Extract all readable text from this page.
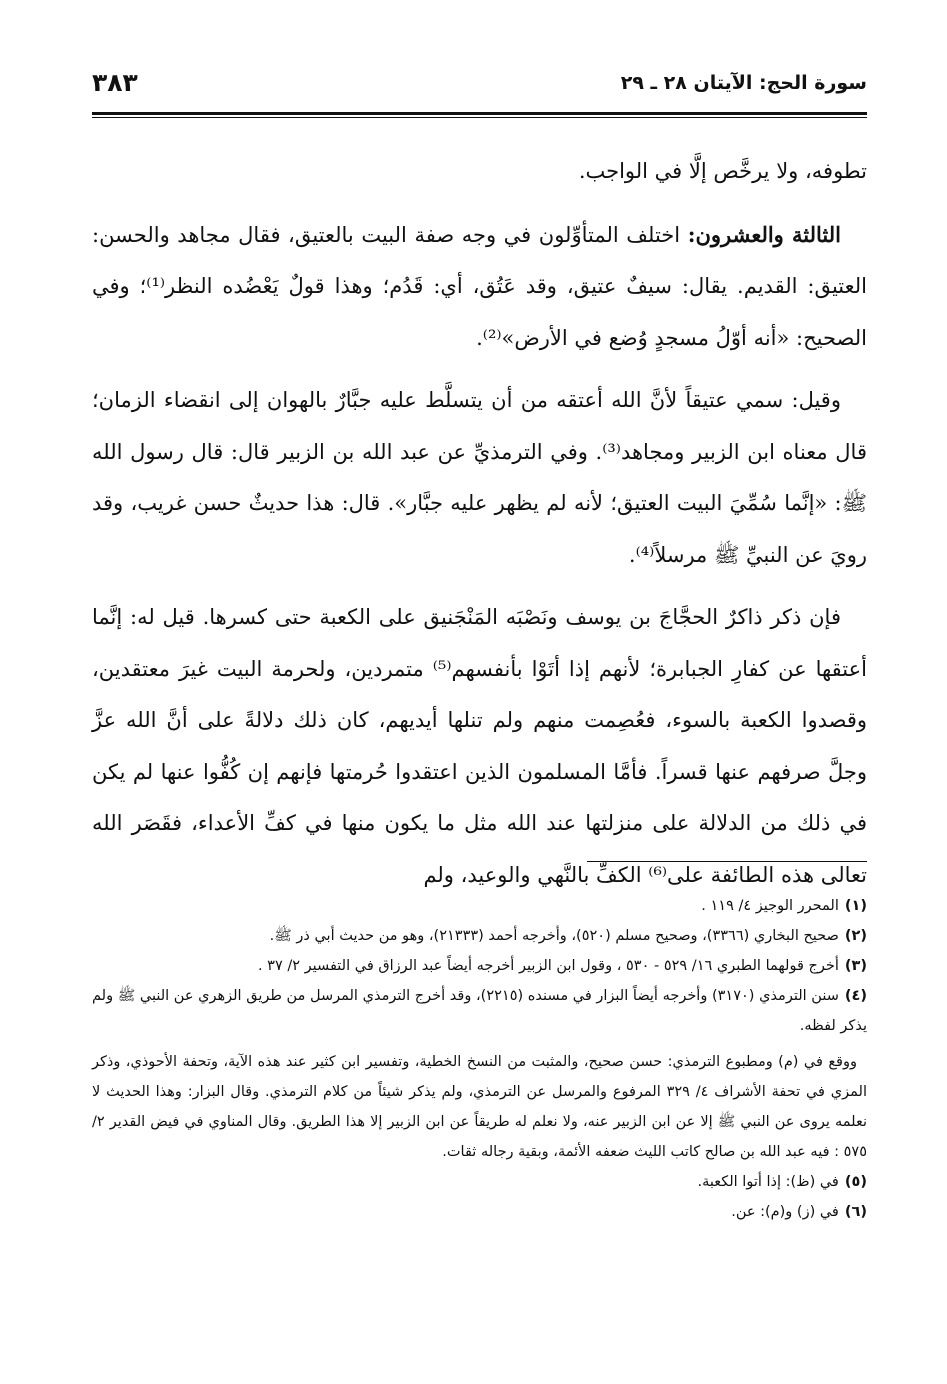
سورة الحج: الآيتان ٢٨ ـ ٢٩
٣٨٣

تطوفه، ولا يرخَّص إلَّا في الواجب.

الثالثة والعشرون: اختلف المتأوِّلون في وجه صفة البيت بالعتيق، فقال مجاهد والحسن: العتيق: القديم. يقال: سيفٌ عتيق، وقد عَتُق، أي: قَدُم؛ وهذا قولٌ يَعْضُده النظر⁽¹⁾؛ وفي الصحيح: «أنه أوّلُ مسجدٍ وُضع في الأرض»⁽²⁾.

وقيل: سمي عتيقاً لأنَّ الله أعتقه من أن يتسلَّط عليه جبَّارٌ بالهوان إلى انقضاء الزمان؛ قال معناه ابن الزبير ومجاهد⁽³⁾. وفي الترمذيِّ عن عبد الله بن الزبير قال: قال رسول الله ﷺ: «إنَّما سُمِّيَ البيت العتيق؛ لأنه لم يظهر عليه جبَّار». قال: هذا حديثٌ حسن غريب، وقد رويَ عن النبيِّ ﷺ مرسلاً⁽⁴⁾.

فإن ذكر ذاكرٌ الحجَّاجَ بن يوسف ونَصْبَه المَنْجَنيق على الكعبة حتى كسرها. قيل له: إنَّما أعتقها عن كفارِ الجبابرة؛ لأنهم إذا أتَوْا بأنفسهم⁽⁵⁾ متمردين، ولحرمة البيت غيرَ معتقدين، وقصدوا الكعبة بالسوء، فعُصِمت منهم ولم تنلها أيديهم، كان ذلك دلالةً على أنَّ الله عزَّ وجلَّ صرفهم عنها قسراً. فأمَّا المسلمون الذين اعتقدوا حُرمتها فإنهم إن كُفُّوا عنها لم يكن في ذلك من الدلالة على منزلتها عند الله مثل ما يكون منها في كفِّ الأعداء، فقَصَر الله تعالى هذه الطائفة على⁽⁶⁾ الكفِّ بالنَّهي والوعيد، ولم

(١)المحرر الوجيز ٤/ ١١٩ .

(٢)صحيح البخاري (٣٣٦٦)، وصحيح مسلم (٥٢٠)، وأخرجه أحمد (٢١٣٣٣)، وهو من حديث أبي ذر ﷺ.

(٣)أخرج قولهما الطبري ١٦/ ٥٢٩ - ٥٣٠ ، وقول ابن الزبير أخرجه أيضاً عبد الرزاق في التفسير ٢/ ٣٧ .

(٤)سنن الترمذي (٣١٧٠) وأخرجه أيضاً البزار في مسنده (٢٢١٥)، وقد أخرج الترمذي المرسل من طريق الزهري عن النبي ﷺ ولم يذكر لفظه.

ووقع في (م) ومطبوع الترمذي: حسن صحيح، والمثبت من النسخ الخطية، وتفسير ابن كثير عند هذه الآية، وتحفة الأحوذي، وذكر المزي في تحفة الأشراف ٤/ ٣٢٩ المرفوع والمرسل عن الترمذي، ولم يذكر شيئاً من كلام الترمذي. وقال البزار: وهذا الحديث لا نعلمه يروى عن النبي ﷺ إلا عن ابن الزبير عنه، ولا نعلم له طريقاً عن ابن الزبير إلا هذا الطريق. وقال المناوي في فيض القدير ٢/ ٥٧٥ : فيه عبد الله بن صالح كاتب الليث ضعفه الأئمة، وبقية رجاله ثقات.

(٥)في (ظ): إذا أتوا الكعبة.

(٦)في (ز) و(م): عن.
